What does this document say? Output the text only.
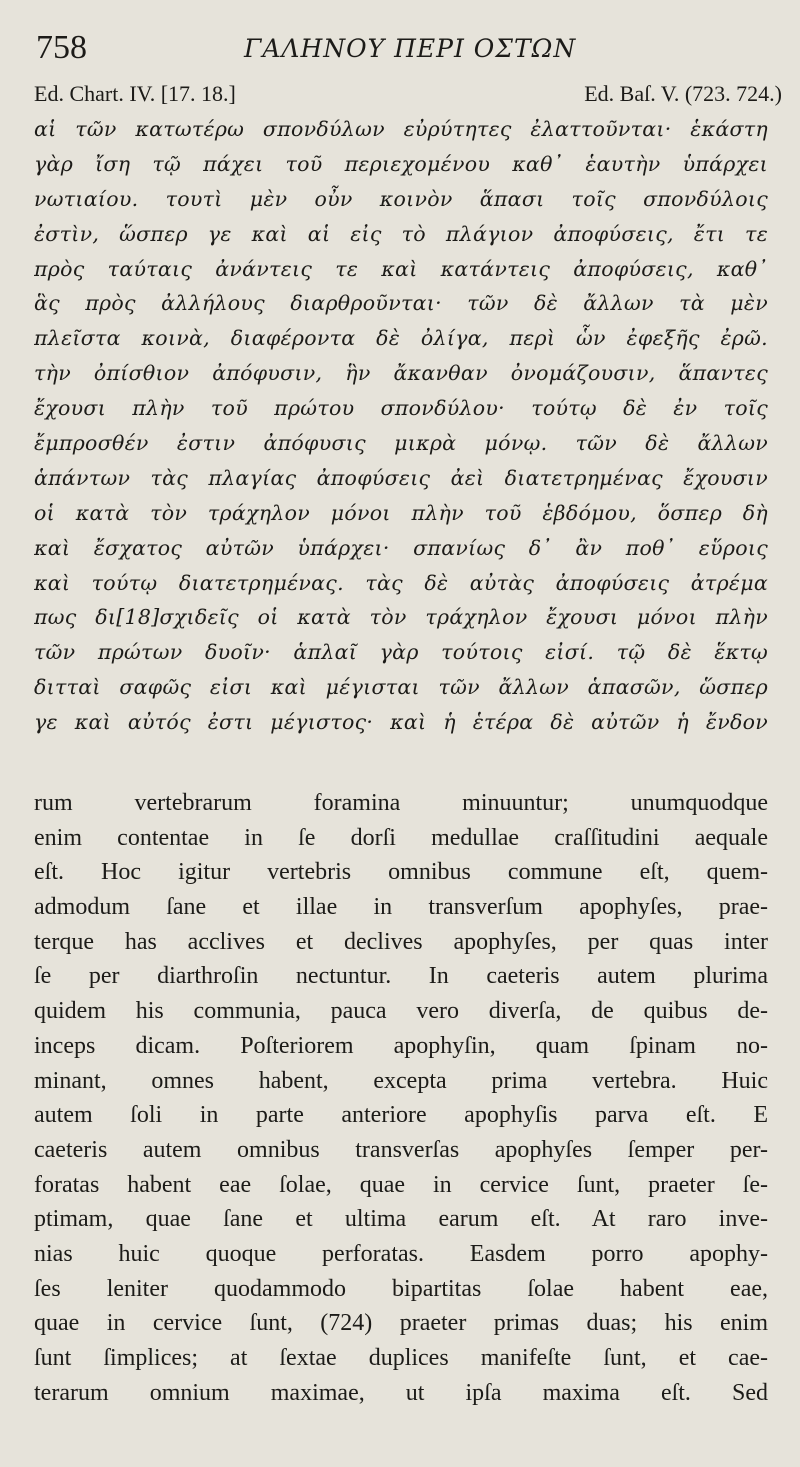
758	ΓΑΛΗΝΟΥ ΠΕΡΙ ΟΣΤΩΝ
Ed. Chart. IV. [17. 18.]	Ed. Baſ. V. (723. 724.)
αἱ τῶν κατωτέρω σπονδύλων εὐρύτητες ἐλαττοῦνται· ἑκάστη
γὰρ ἴση τῷ πάχει τοῦ περιεχομένου καθ᾽ ἑαυτὴν ὑπάρχει
νωτιαίου. τουτὶ μὲν οὖν κοινὸν ἅπασι τοῖς σπονδύλοις
ἐστὶν, ὥσπερ γε καὶ αἱ εἰς τὸ πλάγιον ἀποφύσεις, ἔτι τε
πρὸς ταύταις ἀνάντεις τε καὶ κατάντεις ἀποφύσεις, καθ᾽
ἃς πρὸς ἀλλήλους διαρθροῦνται· τῶν δὲ ἄλλων τὰ μὲν
πλεῖστα κοινὰ, διαφέροντα δὲ ὀλίγα, περὶ ὧν ἐφεξῆς ἐρῶ.
τὴν ὀπίσθιον ἀπόφυσιν, ἣν ἄκανθαν ὀνομάζουσιν, ἅπαντες
ἔχουσι πλὴν τοῦ πρώτου σπονδύλου· τούτῳ δὲ ἐν τοῖς
ἔμπροσθέν ἐστιν ἀπόφυσις μικρὰ μόνῳ. τῶν δὲ ἄλλων
ἁπάντων τὰς πλαγίας ἀποφύσεις ἀεὶ διατετρημένας ἔχουσιν
οἱ κατὰ τὸν τράχηλον μόνοι πλὴν τοῦ ἑβδόμου, ὅσπερ δὴ
καὶ ἔσχατος αὐτῶν ὑπάρχει· σπανίως δ᾽ ἂν ποθ᾽ εὕροις
καὶ τούτῳ διατετρημένας. τὰς δὲ αὐτὰς ἀποφύσεις ἀτρέμα
πως δι[18]σχιδεῖς οἱ κατὰ τὸν τράχηλον ἔχουσι μόνοι πλὴν
τῶν πρώτων δυοῖν· ἁπλαῖ γὰρ τούτοις εἰσί. τῷ δὲ ἕκτῳ
διτταὶ σαφῶς εἰσι καὶ μέγισται τῶν ἄλλων ἁπασῶν, ὥσπερ
γε καὶ αὐτός ἐστι μέγιστος· καὶ ἡ ἑτέρα δὲ αὐτῶν ἡ ἔνδον
rum vertebrarum foramina minuuntur; unumquodque
enim contentae in ſe dorſi medullae craſſitudini aequale
eſt. Hoc igitur vertebris omnibus commune eſt, quem-
admodum ſane et illae in transverſum apophyſes, prae-
terque has acclives et declives apophyſes, per quas inter
ſe per diarthroſin nectuntur. In caeteris autem plurima
quidem his communia, pauca vero diverſa, de quibus de-
inceps dicam. Poſteriorem apophyſin, quam ſpinam no-
minant, omnes habent, excepta prima vertebra. Huic
autem ſoli in parte anteriore apophyſis parva eſt. E
caeteris autem omnibus transverſas apophyſes ſemper per-
foratas habent eae ſolae, quae in cervice ſunt, praeter ſe-
ptimam, quae ſane et ultima earum eſt. At raro inve-
nias huic quoque perforatas. Easdem porro apophy-
ſes leniter quodammodo bipartitas ſolae habent eae,
quae in cervice ſunt, (724) praeter primas duas; his enim
ſunt ſimplices; at ſextae duplices manifeſte ſunt, et cae-
terarum omnium maximae, ut ipſa maxima eſt. Sed
